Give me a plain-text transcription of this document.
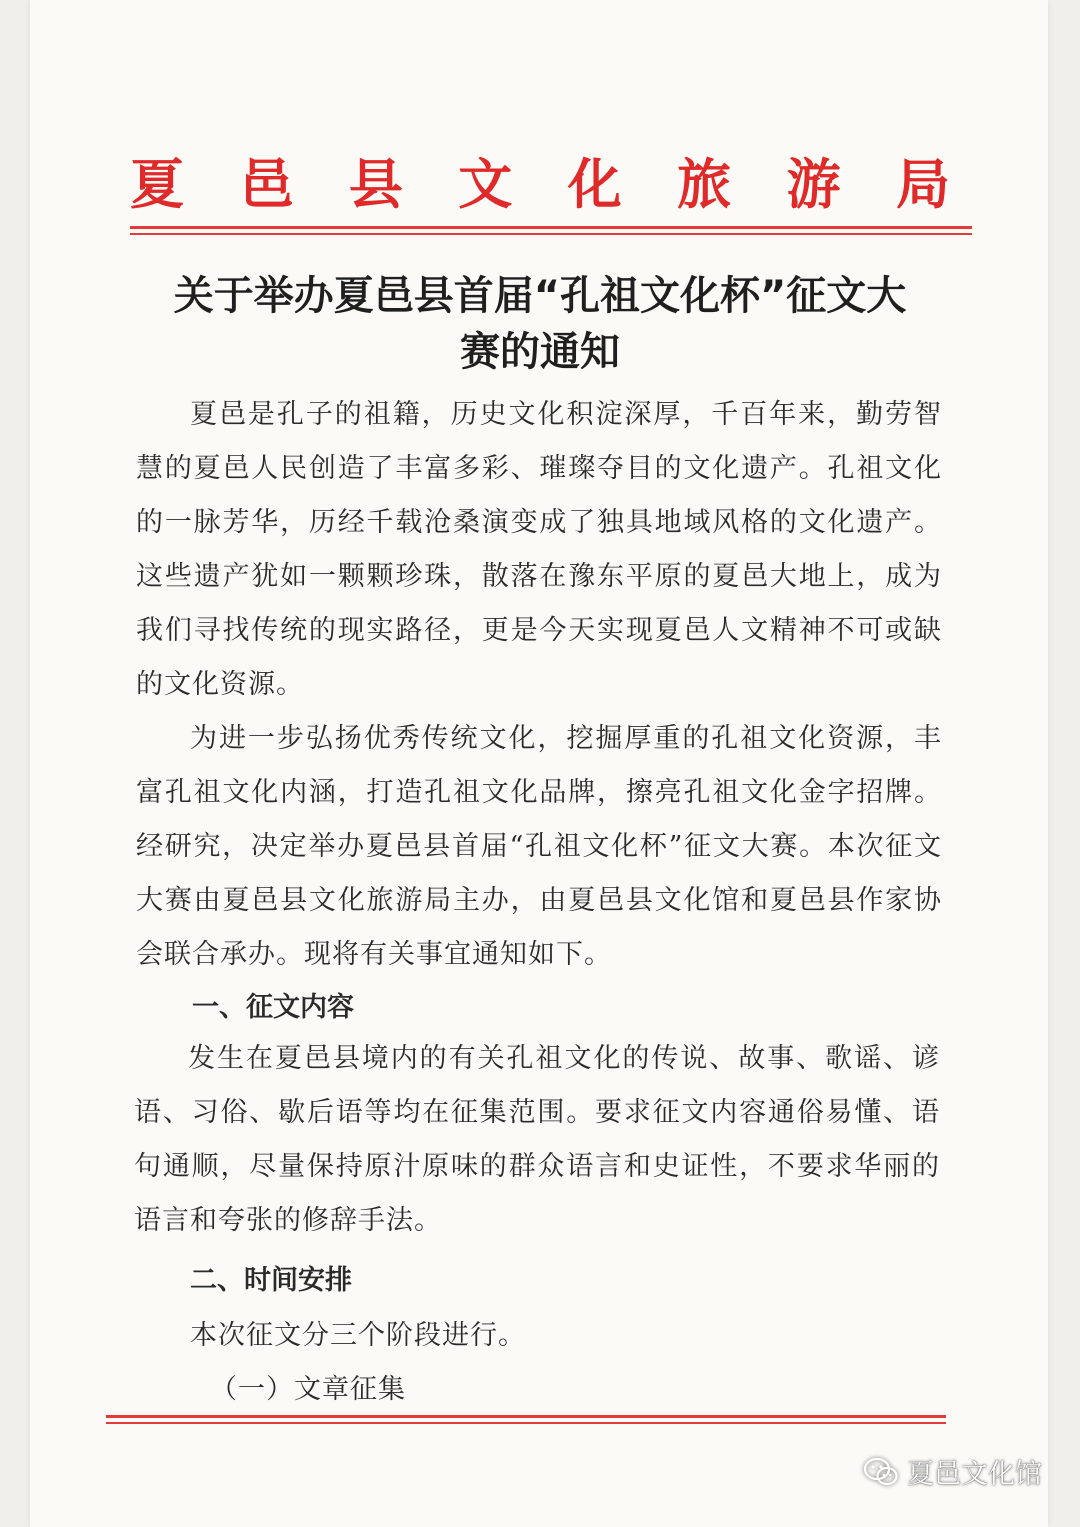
夏 邑 县 文 化 旅 游 局
关于举办夏邑县首届“孔祖文化杯”征文大
赛的通知

夏邑是孔子的祖籍，历史文化积淀深厚，千百年来，勤劳智慧的夏邑人民创造了丰富多彩、璀璨夺目的文化遗产。孔祖文化的一脉芳华，历经千载沧桑演变成了独具地域风格的文化遗产。这些遗产犹如一颗颗珍珠，散落在豫东平原的夏邑大地上，成为我们寻找传统的现实路径，更是今天实现夏邑人文精神不可或缺的文化资源。

为进一步弘扬优秀传统文化，挖掘厚重的孔祖文化资源，丰富孔祖文化内涵，打造孔祖文化品牌，擦亮孔祖文化金字招牌。经研究，决定举办夏邑县首届“孔祖文化杯”征文大赛。本次征文大赛由夏邑县文化旅游局主办，由夏邑县文化馆和夏邑县作家协会联合承办。现将有关事宜通知如下。

一、征文内容

发生在夏邑县境内的有关孔祖文化的传说、故事、歌谣、谚语、习俗、歇后语等均在征集范围。要求征文内容通俗易懂、语句通顺，尽量保持原汁原味的群众语言和史证性，不要求华丽的语言和夸张的修辞手法。

二、时间安排
本次征文分三个阶段进行。
（一）文章征集
夏邑文化馆
